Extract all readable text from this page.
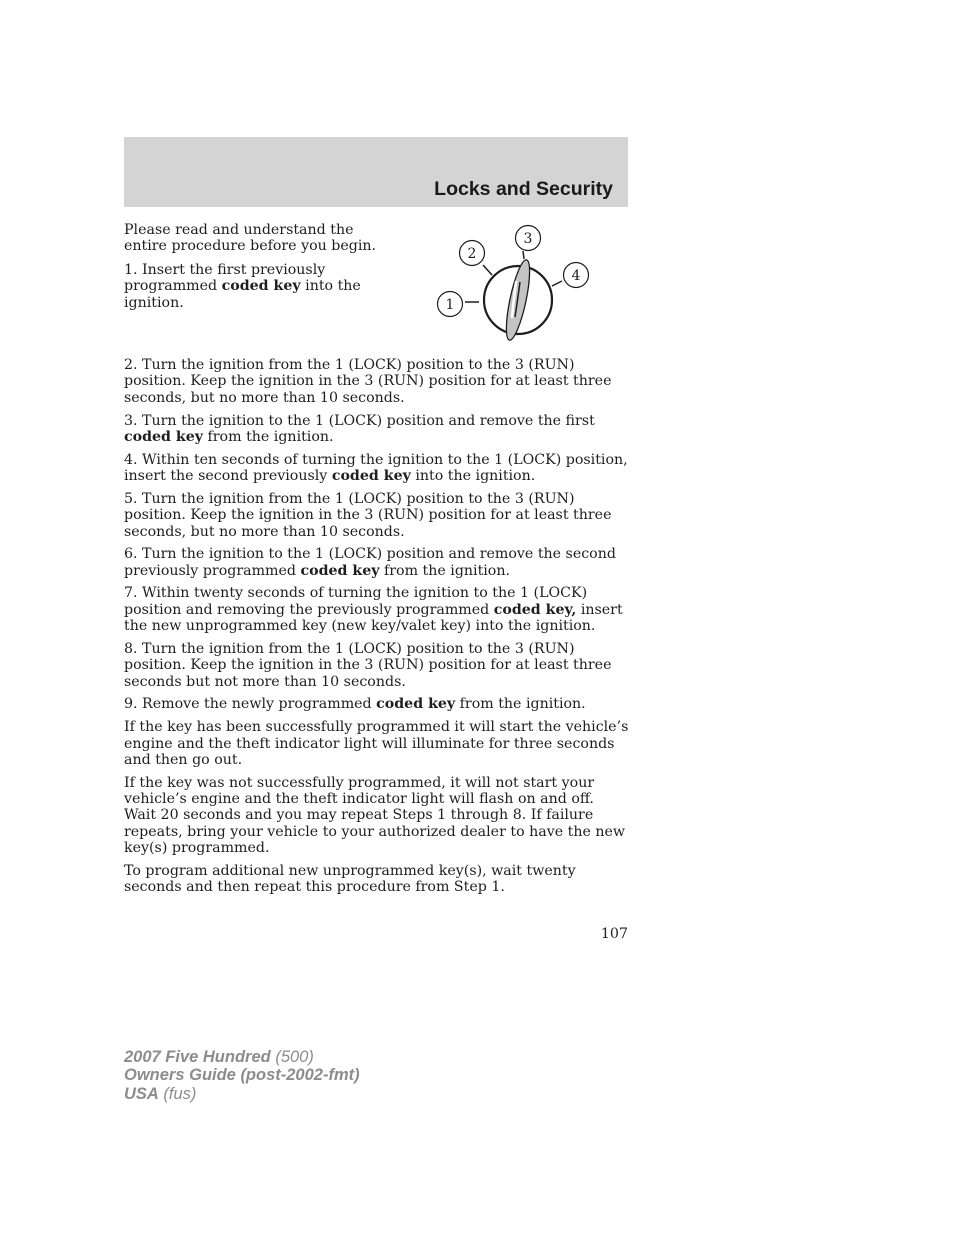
Locks and Security

Please read and understand the entire procedure before you begin.

1. Insert the first previously programmed coded key into the ignition.	1
2
3
4

2. Turn the ignition from the 1 (LOCK) position to the 3 (RUN) position. Keep the ignition in the 3 (RUN) position for at least three seconds, but no more than 10 seconds.

3. Turn the ignition to the 1 (LOCK) position and remove the first coded key from the ignition.

4. Within ten seconds of turning the ignition to the 1 (LOCK) position, insert the second previously coded key into the ignition.

5. Turn the ignition from the 1 (LOCK) position to the 3 (RUN) position. Keep the ignition in the 3 (RUN) position for at least three seconds, but no more than 10 seconds.

6. Turn the ignition to the 1 (LOCK) position and remove the second previously programmed coded key from the ignition.

7. Within twenty seconds of turning the ignition to the 1 (LOCK) position and removing the previously programmed coded key, insert the new unprogrammed key (new key/valet key) into the ignition.

8. Turn the ignition from the 1 (LOCK) position to the 3 (RUN) position. Keep the ignition in the 3 (RUN) position for at least three seconds but not more than 10 seconds.

9. Remove the newly programmed coded key from the ignition.

If the key has been successfully programmed it will start the vehicle’s engine and the theft indicator light will illuminate for three seconds and then go out.

If the key was not successfully programmed, it will not start your vehicle’s engine and the theft indicator light will flash on and off. Wait 20 seconds and you may repeat Steps 1 through 8. If failure repeats, bring your vehicle to your authorized dealer to have the new key(s) programmed.

To program additional new unprogrammed key(s), wait twenty seconds and then repeat this procedure from Step 1.

107
2007 Five Hundred (500)
Owners Guide (post-2002-fmt)
USA (fus)
